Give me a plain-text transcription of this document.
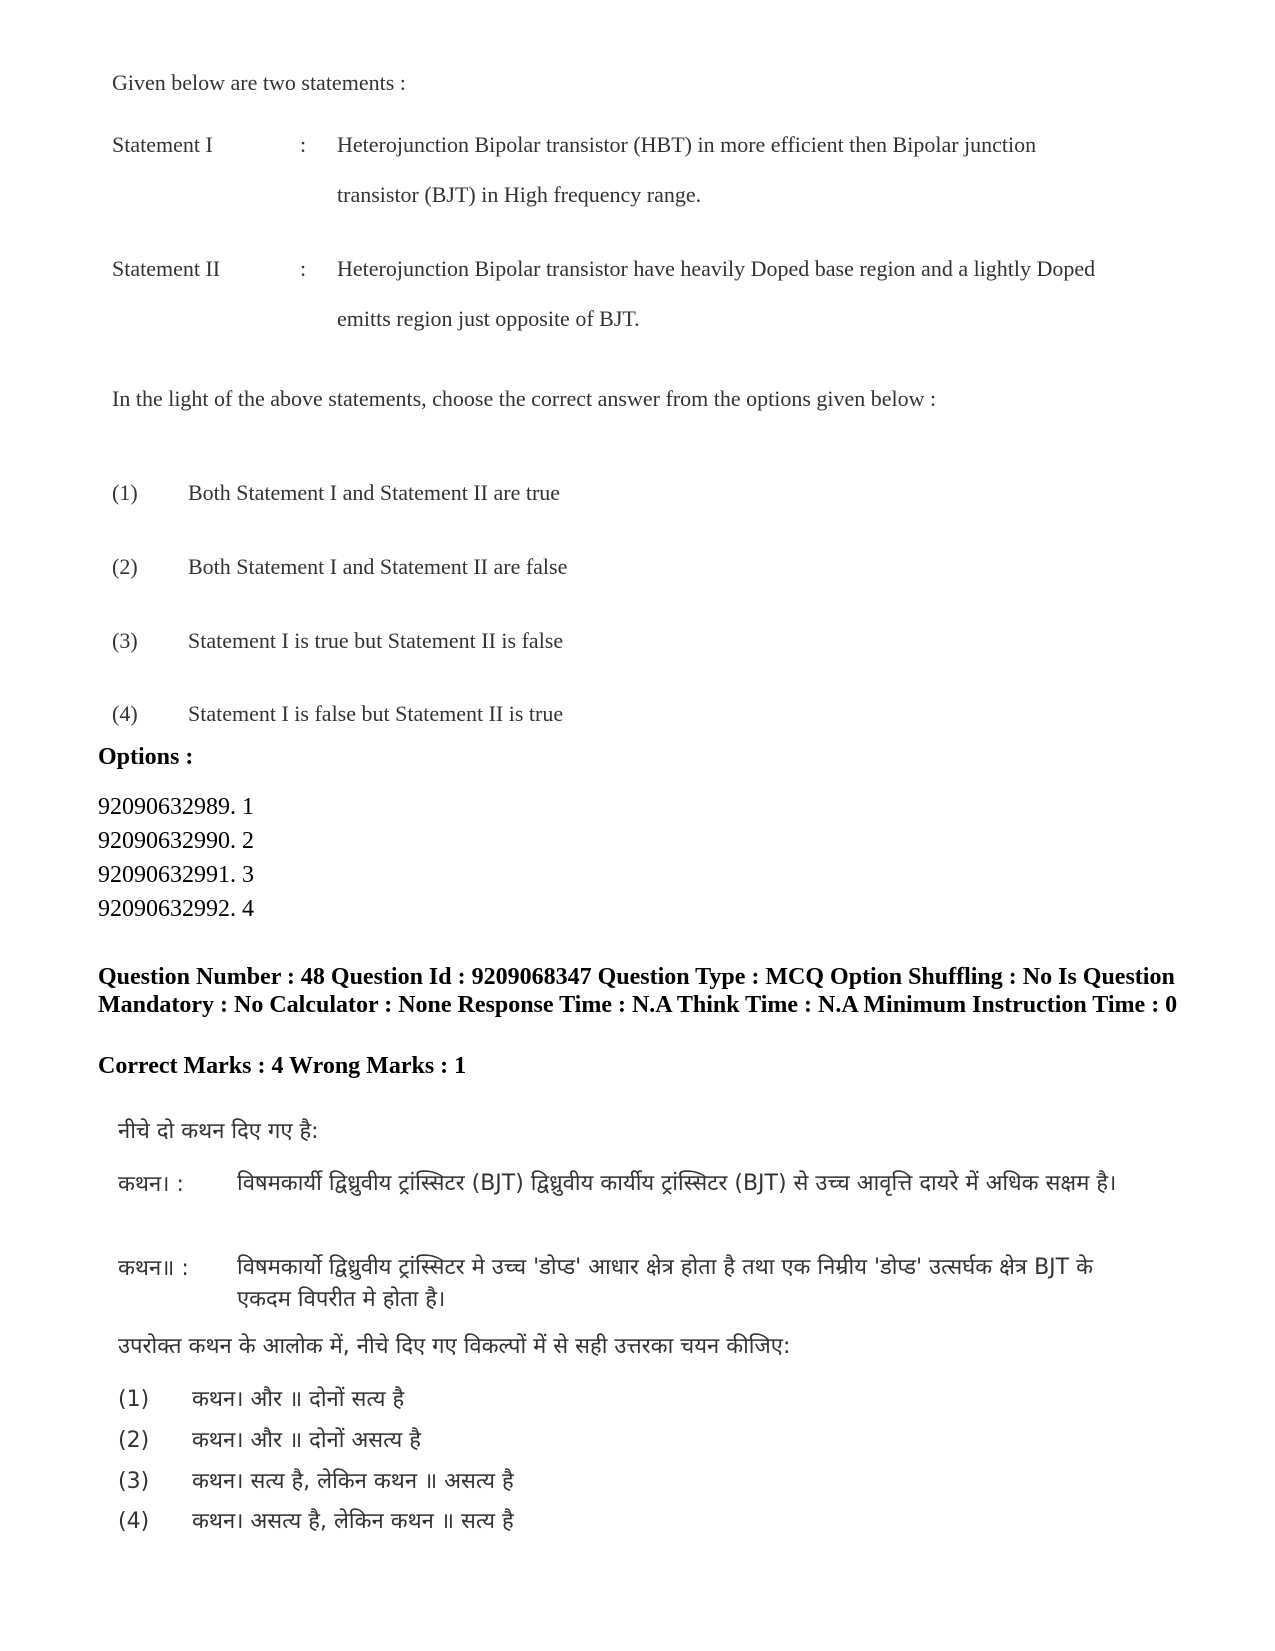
Given below are two statements :
Statement I	: Heterojunction Bipolar transistor (HBT) in more efficient then Bipolar junction transistor (BJT) in High frequency range.
Statement II	: Heterojunction Bipolar transistor have heavily Doped base region and a lightly Doped emitts region just opposite of BJT.
In the light of the above statements, choose the correct answer from the options given below :
(1) Both Statement I and Statement II are true
(2) Both Statement I and Statement II are false
(3) Statement I is true but Statement II is false
(4) Statement I is false but Statement II is true
Options :
92090632989. 1
92090632990. 2
92090632991. 3
92090632992. 4
Question Number : 48 Question Id : 9209068347 Question Type : MCQ Option Shuffling : No Is Question Mandatory : No Calculator : None Response Time : N.A Think Time : N.A Minimum Instruction Time : 0
Correct Marks : 4 Wrong Marks : 1
नीचे दो कथन दिए गए है:
कथन। :	विषमकार्यी द्विध्रुवीय ट्रांस्सिटर (BJT) द्विध्रुवीय कार्यीय ट्रांस्सिटर (BJT) से उच्च आवृत्ति दायरे में अधिक सक्षम है।
कथन॥ :	विषमकार्यो द्विध्रुवीय ट्रांस्सिटर मे उच्च 'डोप्ड' आधार क्षेत्र होता है तथा एक निम्रीय 'डोप्ड' उत्सर्घक क्षेत्र BJT के एकदम विपरीत मे होता है।
उपरोक्त कथन के आलोक में, नीचे दिए गए विकल्पों में से सही उत्तरका चयन कीजिए:
(1) कथन। और ॥ दोनों सत्य है
(2) कथन। और ॥ दोनों असत्य है
(3) कथन। सत्य है, लेकिन कथन ॥ असत्य है
(4) कथन। असत्य है, लेकिन कथन ॥ सत्य है
